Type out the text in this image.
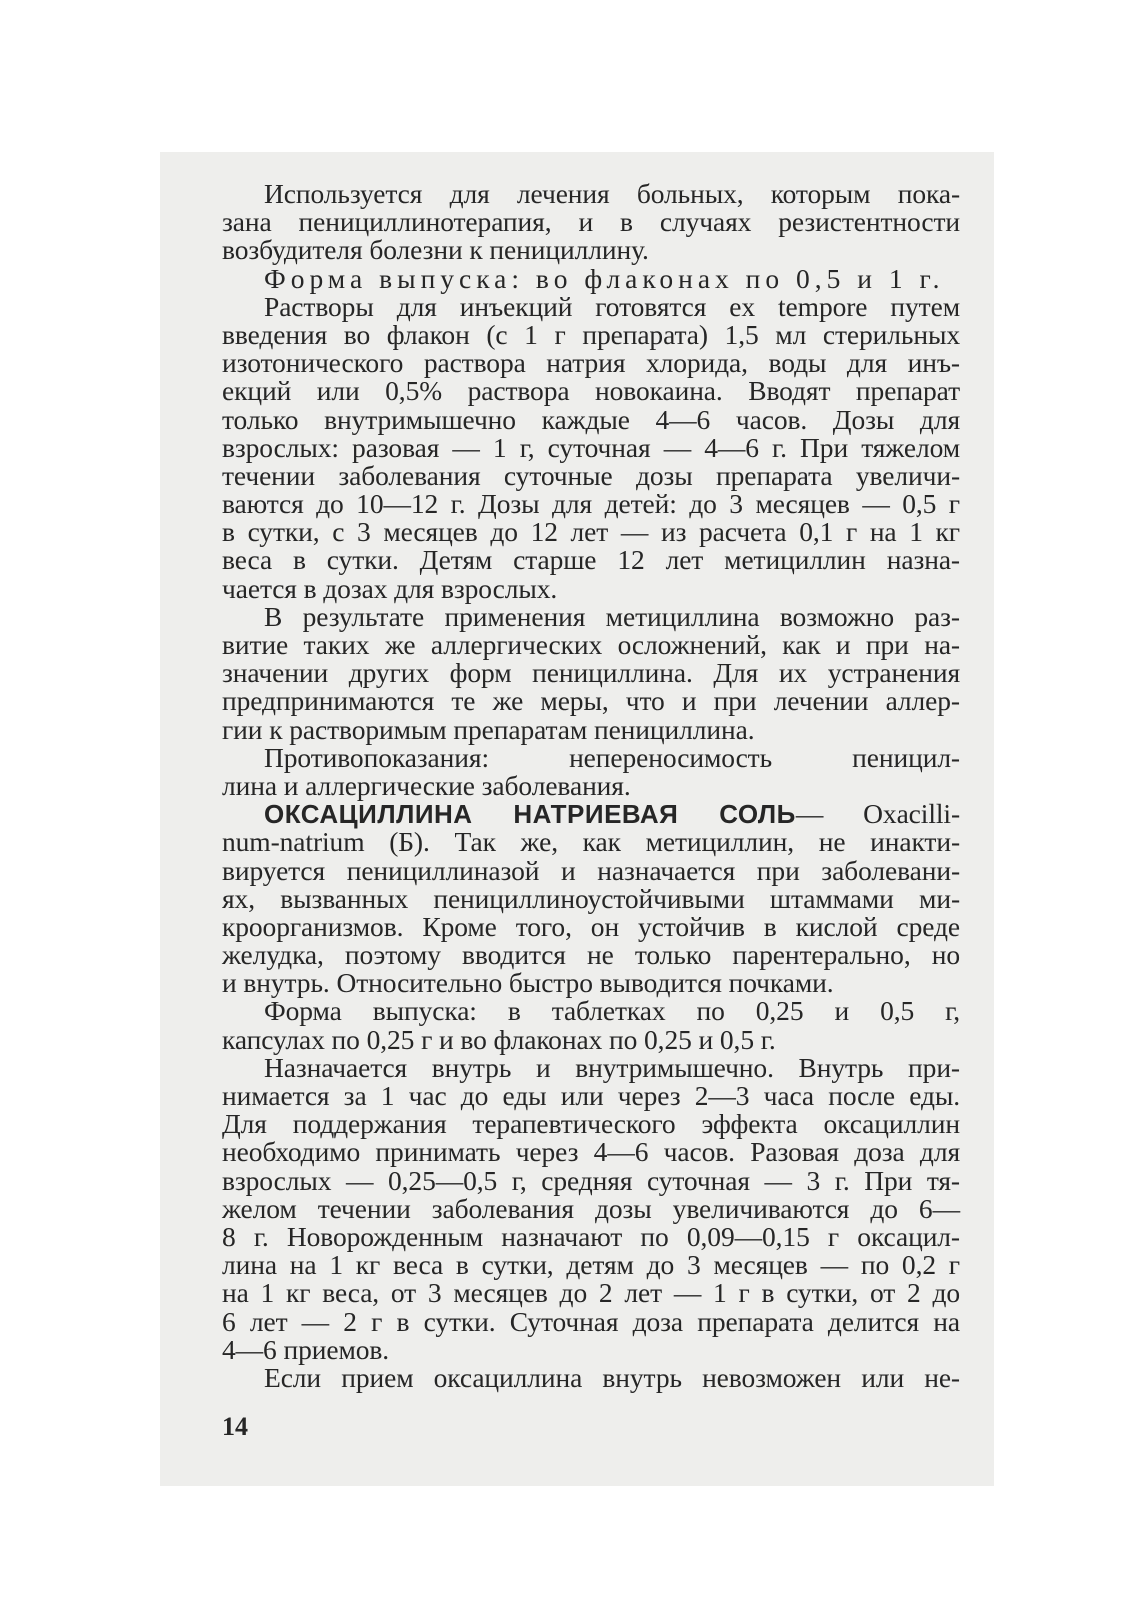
Используется для лечения больных, которым пока-
зана пенициллинотерапия, и в случаях резистентности
возбудителя болезни к пенициллину.
Форма выпуска: во флаконах по 0,5 и 1 г.
Растворы для инъекций готовятся ex tempore путем
введения во флакон (с 1 г препарата) 1,5 мл стерильных
изотонического раствора натрия хлорида, воды для инъ-
екций или 0,5% раствора новокаина. Вводят препарат
только внутримышечно каждые 4—6 часов. Дозы для
взрослых: разовая — 1 г, суточная — 4—6 г. При тяжелом
течении заболевания суточные дозы препарата увеличи-
ваются до 10—12 г. Дозы для детей: до 3 месяцев — 0,5 г
в сутки, с 3 месяцев до 12 лет — из расчета 0,1 г на 1 кг
веса в сутки. Детям старше 12 лет метициллин назна-
чается в дозах для взрослых.
В результате применения метициллина возможно раз-
витие таких же аллергических осложнений, как и при на-
значении других форм пенициллина. Для их устранения
предпринимаются те же меры, что и при лечении аллер-
гии к растворимым препаратам пенициллина.
Противопоказания: непереносимость пеницил-
лина и аллергические заболевания.
ОКСАЦИЛЛИНА НАТРИЕВАЯ СОЛЬ— Oxacilli-
num-natrium (Б). Так же, как метициллин, не инакти-
вируется пенициллиназой и назначается при заболевани-
ях, вызванных пенициллиноустойчивыми штаммами ми-
кроорганизмов. Кроме того, он устойчив в кислой среде
желудка, поэтому вводится не только парентерально, но
и внутрь. Относительно быстро выводится почками.
Форма выпуска: в таблетках по 0,25 и 0,5 г,
капсулах по 0,25 г и во флаконах по 0,25 и 0,5 г.
Назначается внутрь и внутримышечно. Внутрь при-
нимается за 1 час до еды или через 2—3 часа после еды.
Для поддержания терапевтического эффекта оксациллин
необходимо принимать через 4—6 часов. Разовая доза для
взрослых — 0,25—0,5 г, средняя суточная — 3 г. При тя-
желом течении заболевания дозы увеличиваются до 6—
8 г. Новорожденным назначают по 0,09—0,15 г оксацил-
лина на 1 кг веса в сутки, детям до 3 месяцев — по 0,2 г
на 1 кг веса, от 3 месяцев до 2 лет — 1 г в сутки, от 2 до
6 лет — 2 г в сутки. Суточная доза препарата делится на
4—6 приемов.
Если прием оксациллина внутрь невозможен или не-
14
